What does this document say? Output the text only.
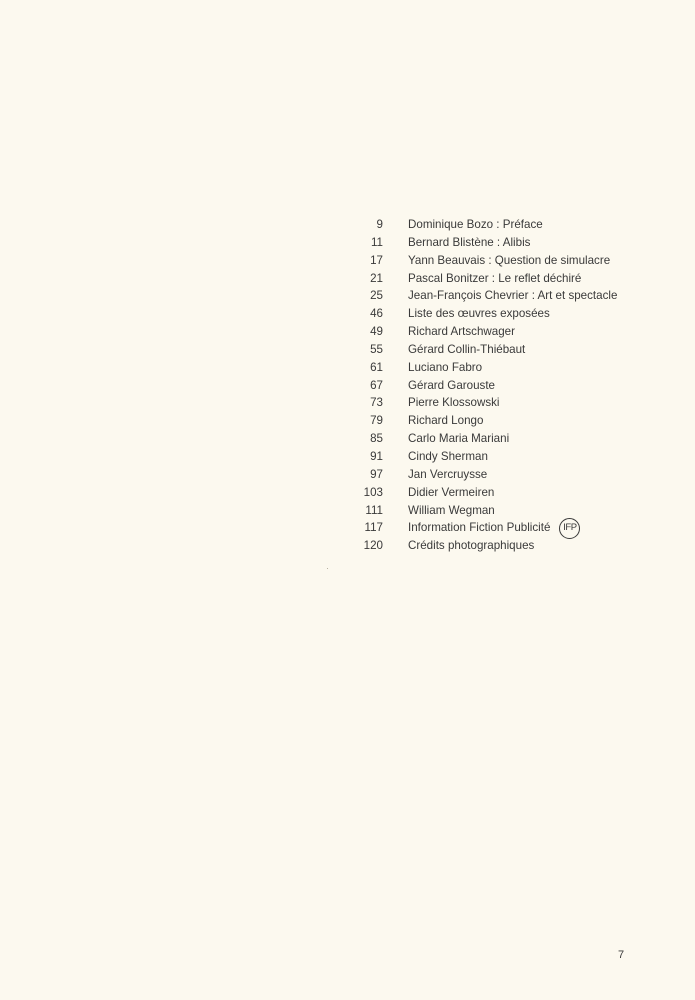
9 Dominique Bozo : Préface
11 Bernard Blistène : Alibis
17 Yann Beauvais : Question de simulacre
21 Pascal Bonitzer : Le reflet déchiré
25 Jean-François Chevrier : Art et spectacle
46 Liste des œuvres exposées
49 Richard Artschwager
55 Gérard Collin-Thiébaut
61 Luciano Fabro
67 Gérard Garouste
73 Pierre Klossowski
79 Richard Longo
85 Carlo Maria Mariani
91 Cindy Sherman
97 Jan Vercruysse
103 Didier Vermeiren
111 William Wegman
117 Information Fiction Publicité	IFP
120 Crédits photographiques
7
